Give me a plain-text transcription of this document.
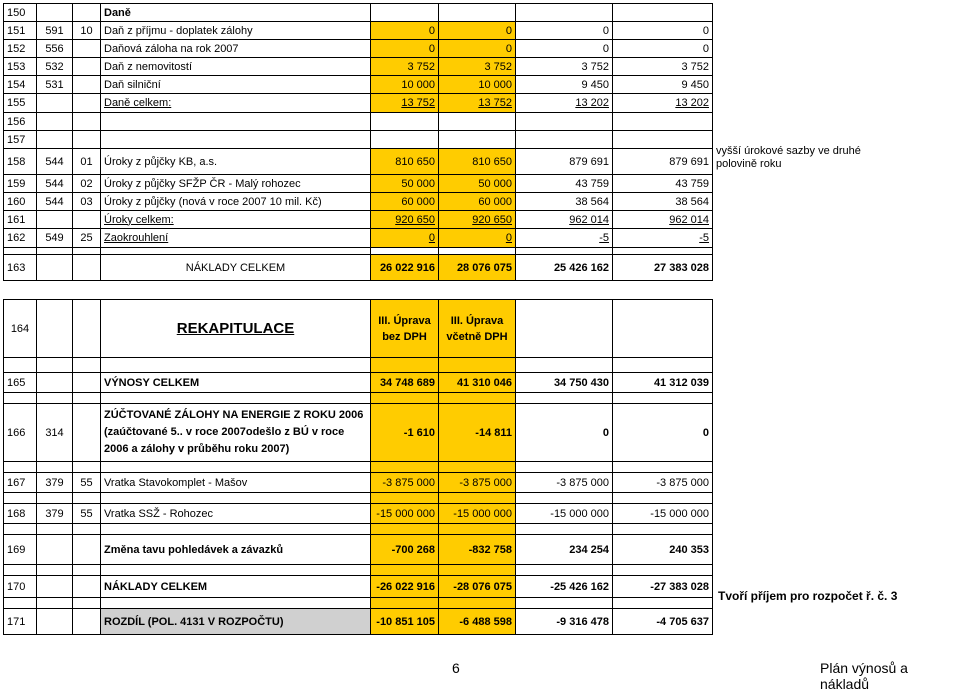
150			Daně					
151	591	10	Daň z příjmu - doplatek zálohy	0	0	0	0	
152	556		Daňová záloha na rok 2007	0	0	0	0	
153	532		Daň z nemovitostí	3 752	3 752	3 752	3 752	
154	531		Daň silniční	10 000	10 000	9 450	9 450	
155			Daně celkem:	13 752	13 752	13 202	13 202	
156								
157								
158	544	01	Úroky z půjčky KB, a.s.	810 650	810 650	879 691	879 691	
159	544	02	Úroky z půjčky SFŽP ČR - Malý rohozec	50 000	50 000	43 759	43 759	
160	544	03	Úroky z půjčky (nová v roce 2007 10 mil. Kč)	60 000	60 000	38 564	38 564	
161			Úroky celkem:	920 650	920 650	962 014	962 014	
162	549	25	Zaokrouhlení	0	0	-5	-5	

163			NÁKLADY CELKEM	26 022 916	28 076 075	25 426 162	27 383 028	
vyšší úrokové sazby ve druhé polovině roku
164			REKAPITULACE	III. Úprava bez DPH	III. Úprava včetně DPH			

165			VÝNOSY CELKEM	34 748 689	41 310 046	34 750 430	41 312 039	

166	314		ZÚČTOVANÉ ZÁLOHY NA ENERGIE Z ROKU 2006 (zaúčtované 5.. v roce 2007odešlo z BÚ v roce 2006 a zálohy v průběhu roku 2007)	-1 610	-14 811	0	0	

167	379	55	Vratka Stavokomplet - Mašov	-3 875 000	-3 875 000	-3 875 000	-3 875 000	

168	379	55	Vratka SSŽ - Rohozec	-15 000 000	-15 000 000	-15 000 000	-15 000 000	

169			Změna tavu pohledávek a závazků	-700 268	-832 758	234 254	240 353	

170			NÁKLADY CELKEM	-26 022 916	-28 076 075	-25 426 162	-27 383 028	

171			ROZDÍL (POL. 4131 V ROZPOČTU)	-10 851 105	-6 488 598	-9 316 478	-4 705 637	
Tvoří příjem pro rozpočet ř. č. 3
6	Plán výnosů a nákladů
